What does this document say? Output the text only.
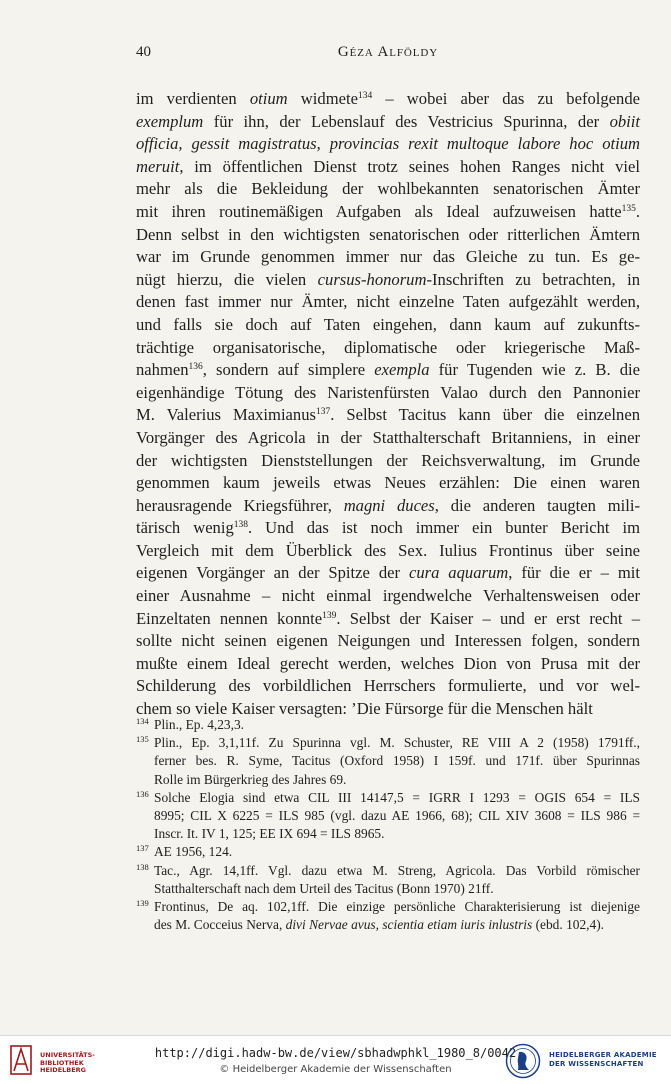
40	Géza Alföldy
im verdienten otium widmete$^{134}$ – wobei aber das zu befolgende
exemplum für ihn, der Lebenslauf des Vestricius Spurinna, der obiit
officia, gessit magistratus, provincias rexit multoque labore hoc otium
meruit, im öffentlichen Dienst trotz seines hohen Ranges nicht viel
mehr als die Bekleidung der wohlbekannten senatorischen Ämter
mit ihren routinemäßigen Aufgaben als Ideal aufzuweisen hatte$^{135}$.
Denn selbst in den wichtigsten senatorischen oder ritterlichen Ämtern
war im Grunde genommen immer nur das Gleiche zu tun. Es ge-
nügt hierzu, die vielen cursus-honorum-Inschriften zu betrachten, in
denen fast immer nur Ämter, nicht einzelne Taten aufgezählt werden,
und falls sie doch auf Taten eingehen, dann kaum auf zukunfts-
trächtige organisatorische, diplomatische oder kriegerische Maß-
nahmen$^{136}$, sondern auf simplere exempla für Tugenden wie z. B. die
eigenhändige Tötung des Naristenfürsten Valao durch den Pannonier
M. Valerius Maximianus$^{137}$. Selbst Tacitus kann über die einzelnen
Vorgänger des Agricola in der Statthalterschaft Britanniens, in einer
der wichtigsten Dienststellungen der Reichsverwaltung, im Grunde
genommen kaum jeweils etwas Neues erzählen: Die einen waren
herausragende Kriegsführer, magni duces, die anderen taugten mili-
tärisch wenig$^{138}$. Und das ist noch immer ein bunter Bericht im
Vergleich mit dem Überblick des Sex. Iulius Frontinus über seine
eigenen Vorgänger an der Spitze der cura aquarum, für die er – mit
einer Ausnahme – nicht einmal irgendwelche Verhaltensweisen oder
Einzeltaten nennen konnte$^{139}$. Selbst der Kaiser – und er erst recht –
sollte nicht seinen eigenen Neigungen und Interessen folgen, sondern
mußte einem Ideal gerecht werden, welches Dion von Prusa mit der
Schilderung des vorbildlichen Herrschers formulierte, und vor wel-
chem so viele Kaiser versagten: ’Die Fürsorge für die Menschen hält
134 Plin., Ep. 4,23,3.
135 Plin., Ep. 3,1,11f. Zu Spurinna vgl. M. Schuster, RE VIII A 2 (1958) 1791ff.,
ferner bes. R. Syme, Tacitus (Oxford 1958) I 159f. und 171f. über Spurinnas
Rolle im Bürgerkrieg des Jahres 69.
136 Solche Elogia sind etwa CIL III 14147,5 = IGRR I 1293 = OGIS 654 = ILS
8995; CIL X 6225 = ILS 985 (vgl. dazu AE 1966, 68); CIL XIV 3608 = ILS 986 =
Inscr. It. IV 1, 125; EE IX 694 = ILS 8965.
137 AE 1956, 124.
138 Tac., Agr. 14,1ff. Vgl. dazu etwa M. Streng, Agricola. Das Vorbild römischer
Statthalterschaft nach dem Urteil des Tacitus (Bonn 1970) 21ff.
139 Frontinus, De aq. 102,1ff. Die einzige persönliche Charakterisierung ist diejenige
des M. Cocceius Nerva, divi Nervae avus, scientia etiam iuris inlustris (ebd. 102,4).
UNIVERSITÄTS-
BIBLIOTHEK
HEIDELBERG
http://digi.hadw-bw.de/view/sbhadwphkl_1980_8/0042
© Heidelberger Akademie der Wissenschaften
HEIDELBERGER AKADEMIE
DER WISSENSCHAFTEN
